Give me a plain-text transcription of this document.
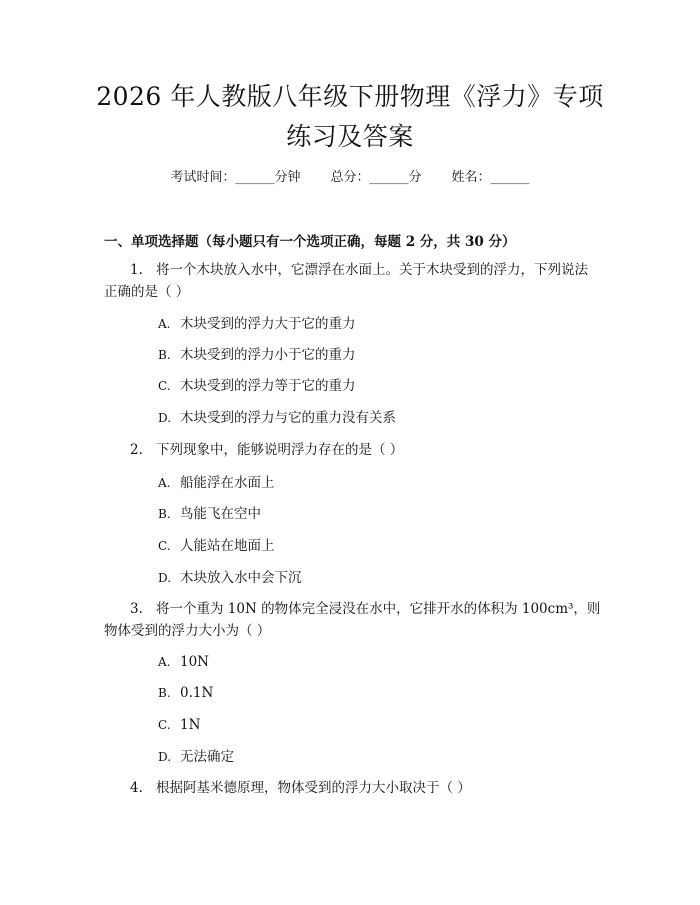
2026 年人教版八年级下册物理《浮力》专项
练习及答案
考试时间：______分钟 总分：______分 姓名：______
一、单项选择题（每小题只有一个选项正确，每题 2 分，共 30 分）
1. 将一个木块放入水中，它漂浮在水面上。关于木块受到的浮力，下列说法
正确的是（ ）
A. 木块受到的浮力大于它的重力
B. 木块受到的浮力小于它的重力
C. 木块受到的浮力等于它的重力
D. 木块受到的浮力与它的重力没有关系
2. 下列现象中，能够说明浮力存在的是（ ）
A. 船能浮在水面上
B. 鸟能飞在空中
C. 人能站在地面上
D. 木块放入水中会下沉
3. 将一个重为 10N 的物体完全浸没在水中，它排开水的体积为 100cm³，则
物体受到的浮力大小为（ ）
A. 10N
B. 0.1N
C. 1N
D. 无法确定
4. 根据阿基米德原理，物体受到的浮力大小取决于（ ）
